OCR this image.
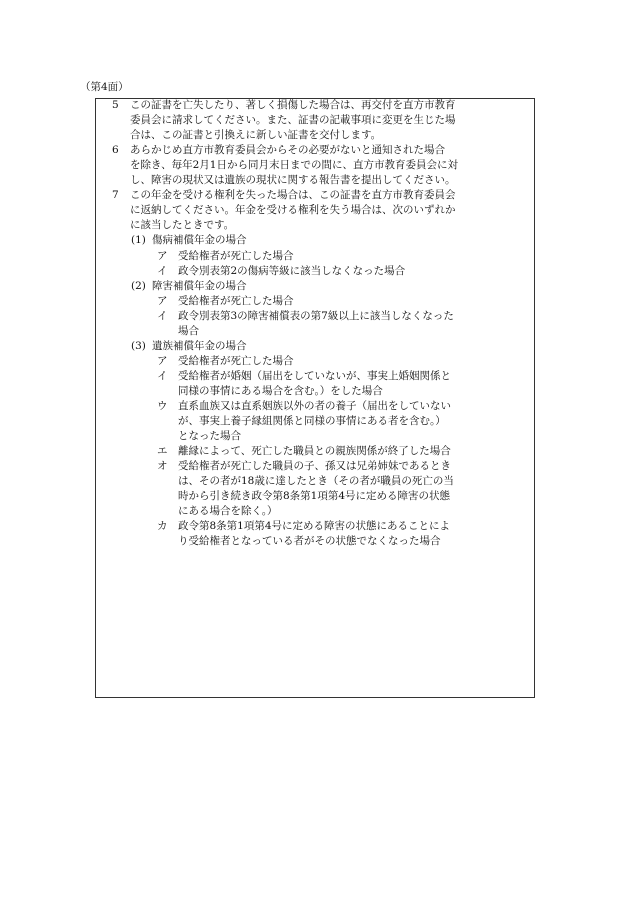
（第4面）
5 この証書を亡失したり、著しく損傷した場合は、再交付を直方市教育
委員会に請求してください。また、証書の記載事項に変更を生じた場
合は、この証書と引換えに新しい証書を交付します。
6 あらかじめ直方市教育委員会からその必要がないと通知された場合
を除き、毎年2月1日から同月末日までの間に、直方市教育委員会に対
し、障害の現状又は遺族の現状に関する報告書を提出してください。
7 この年金を受ける権利を失った場合は、この証書を直方市教育委員会
に返納してください。年金を受ける権利を失う場合は、次のいずれか
に該当したときです。
(1) 傷病補償年金の場合
ア 受給権者が死亡した場合
イ 政令別表第2の傷病等級に該当しなくなった場合
(2) 障害補償年金の場合
ア 受給権者が死亡した場合
イ 政令別表第3の障害補償表の第7級以上に該当しなくなった
場合
(3) 遺族補償年金の場合
ア 受給権者が死亡した場合
イ 受給権者が婚姻（届出をしていないが、事実上婚姻関係と
同様の事情にある場合を含む。）をした場合
ウ 直系血族又は直系姻族以外の者の養子（届出をしていない
が、事実上養子縁組関係と同様の事情にある者を含む。）
となった場合
エ 離縁によって、死亡した職員との親族関係が終了した場合
オ 受給権者が死亡した職員の子、孫又は兄弟姉妹であるとき
は、その者が18歳に達したとき（その者が職員の死亡の当
時から引き続き政令第8条第1項第4号に定める障害の状態
にある場合を除く。）
カ 政令第8条第1項第4号に定める障害の状態にあることによ
り受給権者となっている者がその状態でなくなった場合
